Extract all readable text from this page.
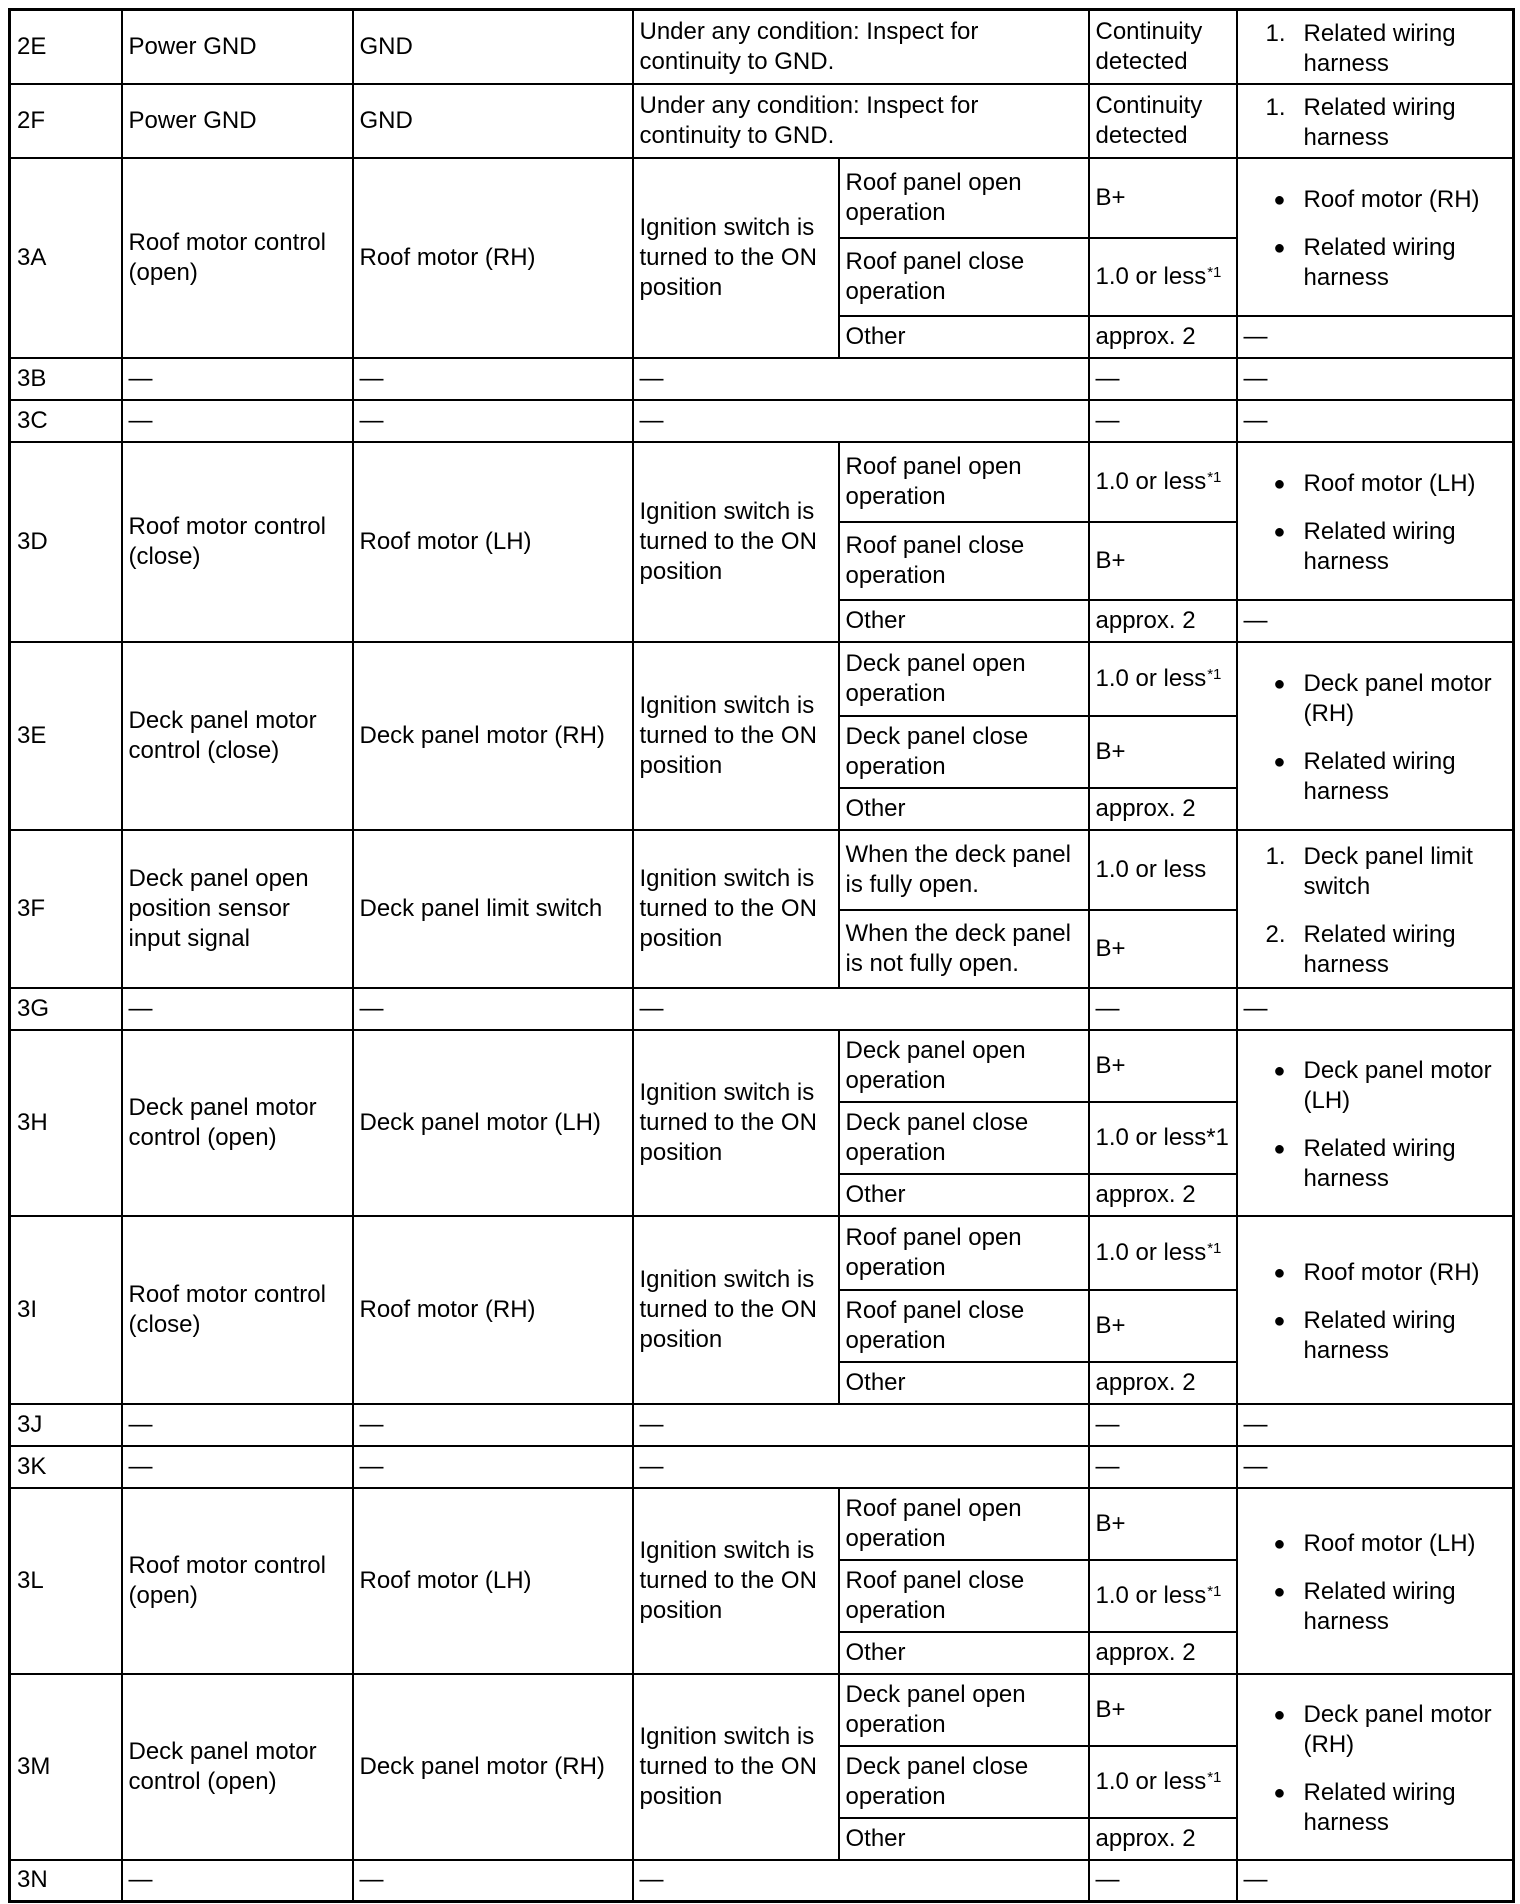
2E	Power GND	GND	Under any condition: Inspect for continuity to GND.		Continuity detected	1. Related wiring harness

2F	Power GND	GND	Under any condition: Inspect for continuity to GND.		Continuity detected	1. Related wiring harness

3A	Roof motor control (open)	Roof motor (RH)	Ignition switch is turned to the ON position	Roof panel open operation	B+	● Roof motor (RH)
● Related wiring harness

				Roof panel close operation	1.0 or less$^{*1}$
				Other	approx. 2	—
3B	—	—	—		—	—
3C	—	—	—		—	—
3D	Roof motor control (close)	Roof motor (LH)	Ignition switch is turned to the ON position	Roof panel open operation	1.0 or less$^{*1}$	● Roof motor (LH)
● Related wiring harness

				Roof panel close operation	B+	
				Other	approx. 2	—
3E	Deck panel motor control (close)	Deck panel motor (RH)	Ignition switch is turned to the ON position	Deck panel open operation	1.0 or less$^{*1}$	● Deck panel motor (RH)
● Related wiring harness

				Deck panel close operation	B+	
				Other	approx. 2	
3F	Deck panel open position sensor input signal	Deck panel limit switch	Ignition switch is turned to the ON position	When the deck panel is fully open.	1.0 or less	1. Deck panel limit switch
2. Related wiring harness

				When the deck panel is not fully open.	B+	
3G	—	—	—		—	—
3H	Deck panel motor control (open)	Deck panel motor (LH)	Ignition switch is turned to the ON position	Deck panel open operation	B+	● Deck panel motor (LH)
● Related wiring harness

				Deck panel close operation	1.0 or less*1	
				Other	approx. 2	
3I	Roof motor control (close)	Roof motor (RH)	Ignition switch is turned to the ON position	Roof panel open operation	1.0 or less$^{*1}$	● Roof motor (RH)
● Related wiring harness

				Roof panel close operation	B+	
				Other	approx. 2	
3J	—	—	—		—	—
3K	—	—	—		—	—
3L	Roof motor control (open)	Roof motor (LH)	Ignition switch is turned to the ON position	Roof panel open operation	B+	● Roof motor (LH)
● Related wiring harness

				Roof panel close operation	1.0 or less$^{*1}$
				Other	approx. 2	
3M	Deck panel motor control (open)	Deck panel motor (RH)	Ignition switch is turned to the ON position	Deck panel open operation	B+	● Deck panel motor (RH)
● Related wiring harness

				Deck panel close operation	1.0 or less$^{*1}$
				Other	approx. 2	
3N	—	—	—		—	—
